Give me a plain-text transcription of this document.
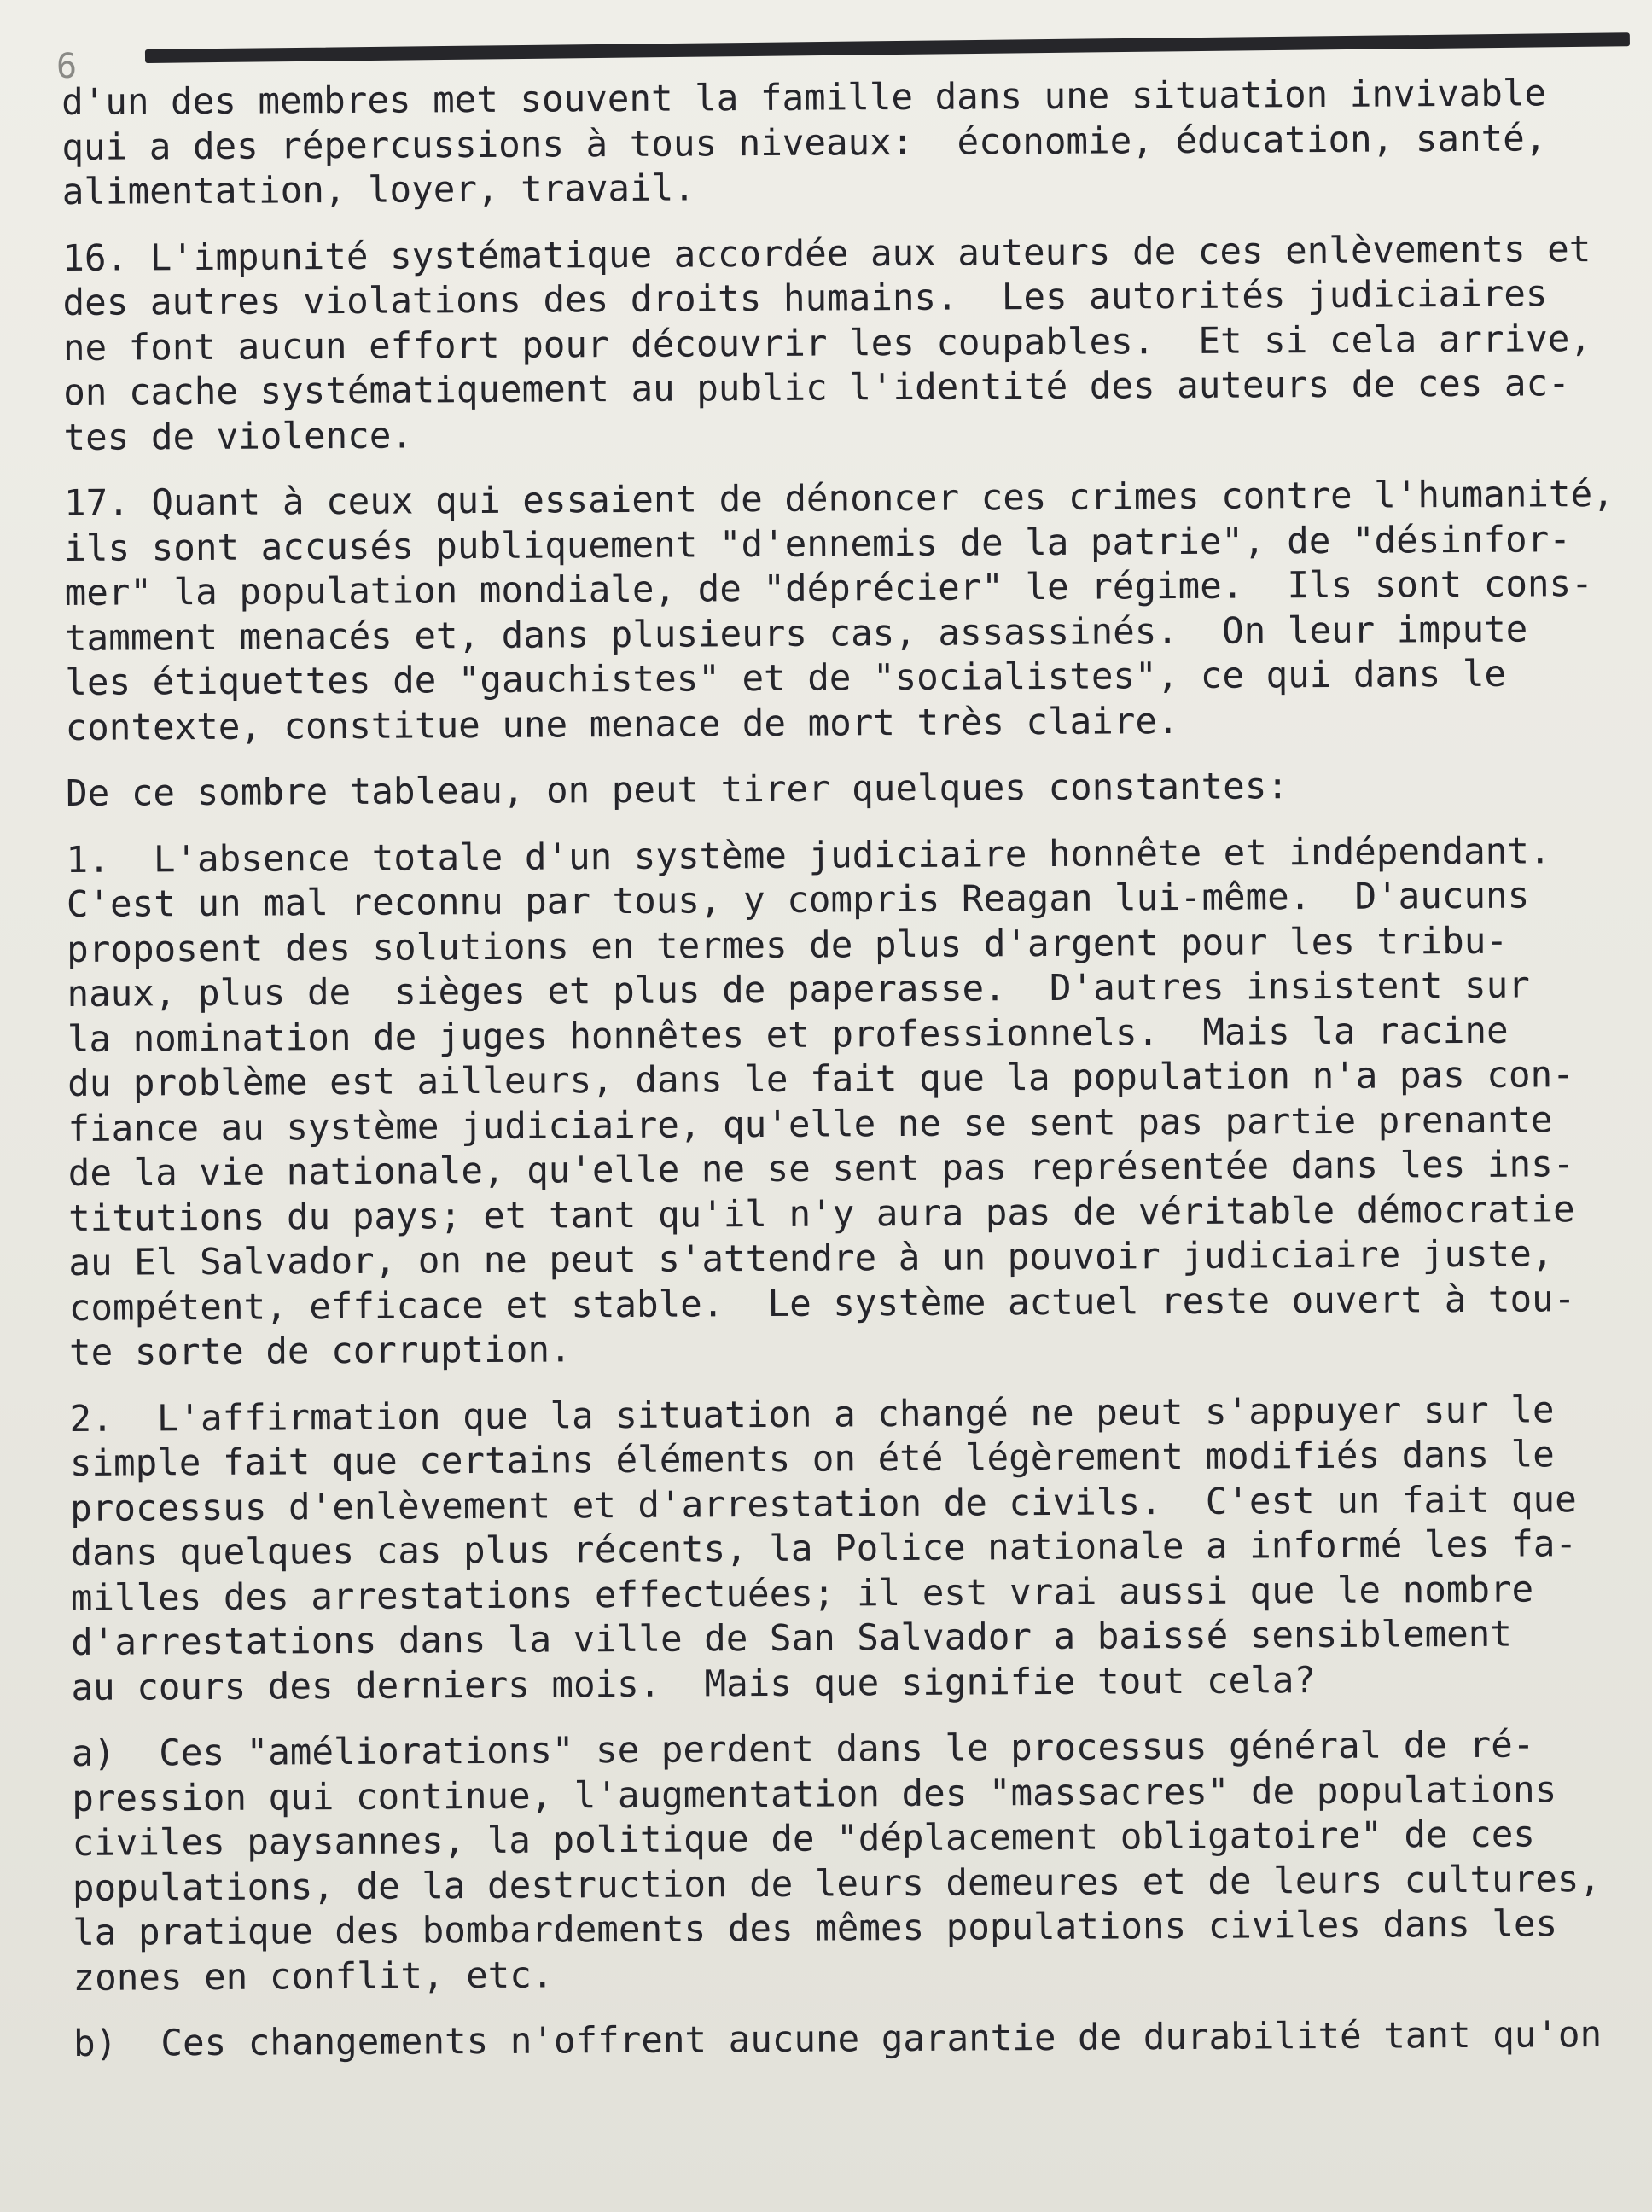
6
d'un des membres met souvent la famille dans une situation invivable
qui a des répercussions à tous niveaux:  économie, éducation, santé,
alimentation, loyer, travail.
16. L'impunité systématique accordée aux auteurs de ces enlèvements et
des autres violations des droits humains.  Les autorités judiciaires
ne font aucun effort pour découvrir les coupables.  Et si cela arrive,
on cache systématiquement au public l'identité des auteurs de ces ac-
tes de violence.
17. Quant à ceux qui essaient de dénoncer ces crimes contre l'humanité,
ils sont accusés publiquement "d'ennemis de la patrie", de "désinfor-
mer" la population mondiale, de "déprécier" le régime.  Ils sont cons-
tamment menacés et, dans plusieurs cas, assassinés.  On leur impute
les étiquettes de "gauchistes" et de "socialistes", ce qui dans le
contexte, constitue une menace de mort très claire.
De ce sombre tableau, on peut tirer quelques constantes:
1.  L'absence totale d'un système judiciaire honnête et indépendant.
C'est un mal reconnu par tous, y compris Reagan lui-même.  D'aucuns
proposent des solutions en termes de plus d'argent pour les tribu-
naux, plus de  sièges et plus de paperasse.  D'autres insistent sur
la nomination de juges honnêtes et professionnels.  Mais la racine
du problème est ailleurs, dans le fait que la population n'a pas con-
fiance au système judiciaire, qu'elle ne se sent pas partie prenante
de la vie nationale, qu'elle ne se sent pas représentée dans les ins-
titutions du pays; et tant qu'il n'y aura pas de véritable démocratie
au El Salvador, on ne peut s'attendre à un pouvoir judiciaire juste,
compétent, efficace et stable.  Le système actuel reste ouvert à tou-
te sorte de corruption.
2.  L'affirmation que la situation a changé ne peut s'appuyer sur le
simple fait que certains éléments on été légèrement modifiés dans le
processus d'enlèvement et d'arrestation de civils.  C'est un fait que
dans quelques cas plus récents, la Police nationale a informé les fa-
milles des arrestations effectuées; il est vrai aussi que le nombre
d'arrestations dans la ville de San Salvador a baissé sensiblement
au cours des derniers mois.  Mais que signifie tout cela?
a)  Ces "améliorations" se perdent dans le processus général de ré-
pression qui continue, l'augmentation des "massacres" de populations
civiles paysannes, la politique de "déplacement obligatoire" de ces
populations, de la destruction de leurs demeures et de leurs cultures,
la pratique des bombardements des mêmes populations civiles dans les
zones en conflit, etc.
b)  Ces changements n'offrent aucune garantie de durabilité tant qu'on
